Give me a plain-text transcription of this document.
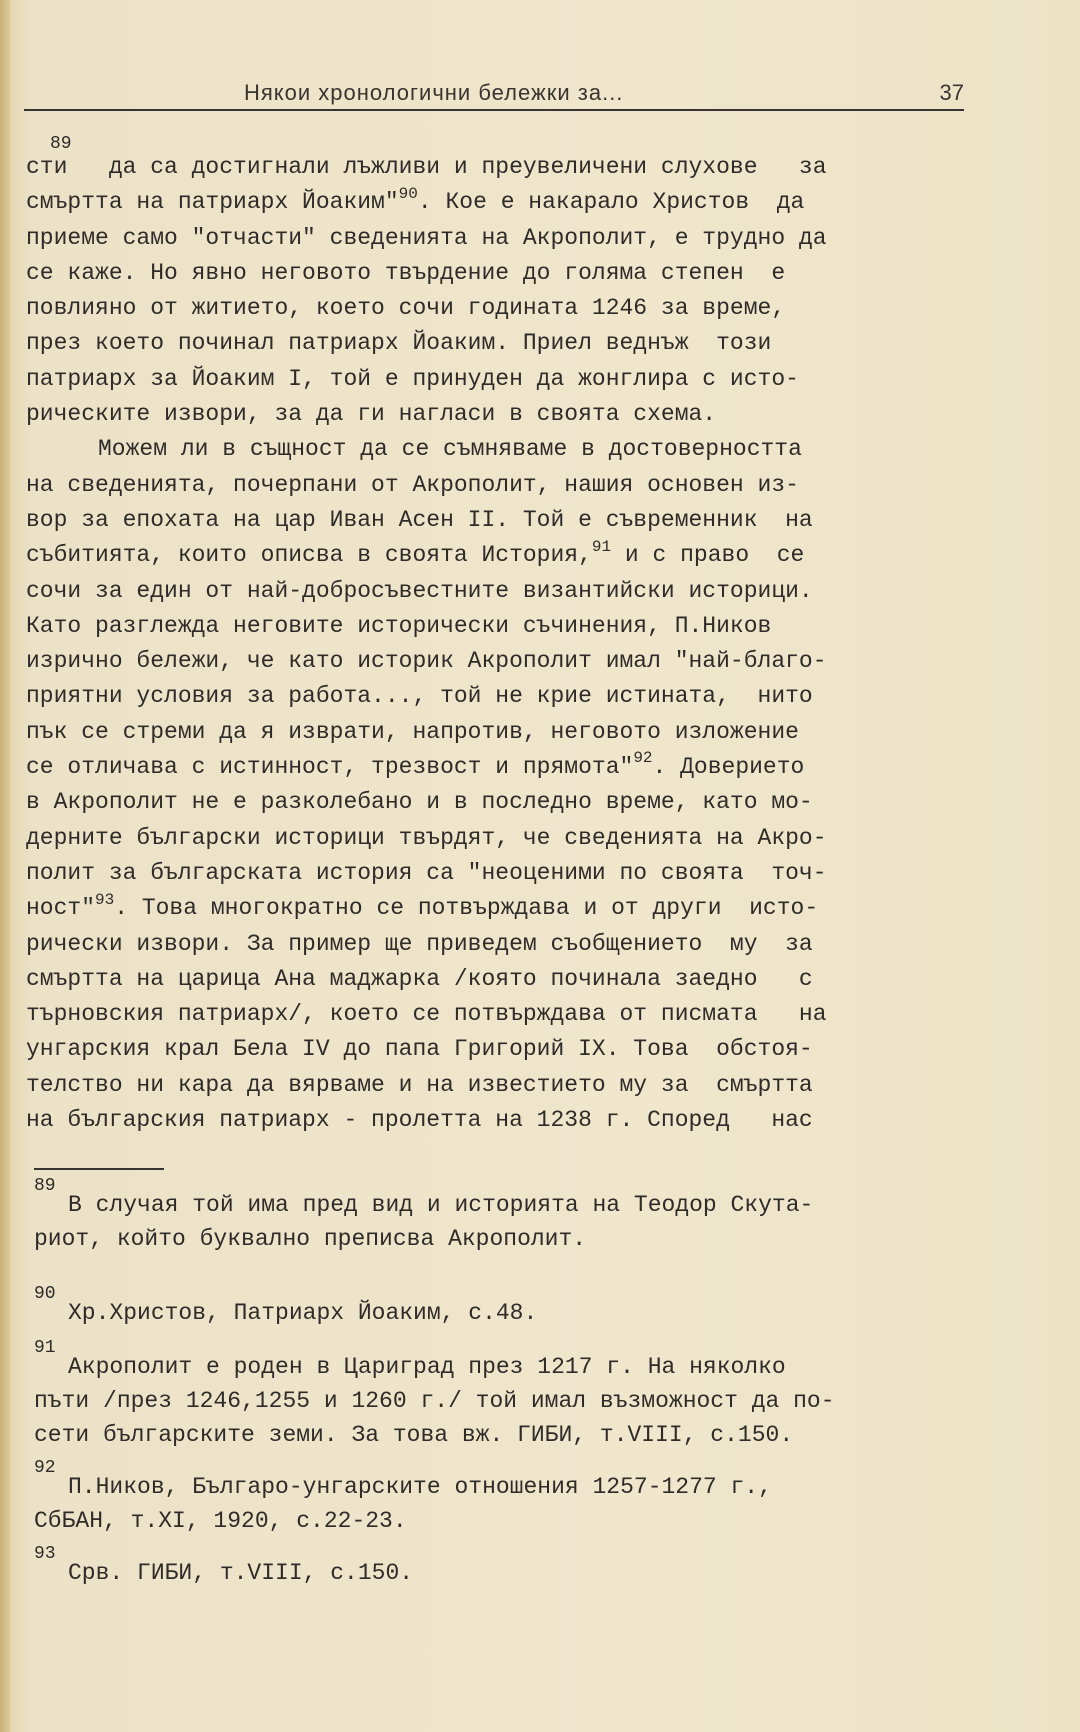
Някои хронологични бележки за...	37
89
сти   да са достигнали лъжливи и преувеличени слухове   за
смъртта на патриарх Йоаким"$^{90}$. Кое е накарало Христов  да
приеме само "отчасти" сведенията на Акрополит, е трудно да
се каже. Но явно неговото твърдение до голяма степен  е
повлияно от житието, което сочи годината 1246 за време,
през което починал патриарх Йоаким. Приел веднъж  този
патриарх за Йоаким I, той е принуден да жонглира с исто-
рическите извори, за да ги нагласи в своята схема.
Можем ли в същност да се съмняваме в достоверността
на сведенията, почерпани от Акрополит, нашия основен из-
вор за епохата на цар Иван Асен II. Той е съвременник  на
събитията, които описва в своята История,$^{91}$ и с право  се
сочи за един от най-добросъвестните византийски историци.
Като разглежда неговите исторически съчинения, П.Ников
изрично бележи, че като историк Акрополит имал "най-благо-
приятни условия за работа..., той не крие истината,  нито
пък се стреми да я изврати, напротив, неговото изложение
се отличава с истинност, трезвост и прямота"$^{92}$. Доверието
в Акрополит не е разколебано и в последно време, като мо-
дерните български историци твърдят, че сведенията на Акро-
полит за българската история са "неоценими по своята  точ-
ност"$^{93}$. Това многократно се потвърждава и от други  исто-
рически извори. За пример ще приведем съобщението  му  за
смъртта на царица Ана маджарка /която починала заедно   с
търновския патриарх/, което се потвърждава от писмата   на
унгарския крал Бела IV до папа Григорий IX. Това  обстоя-
телство ни кара да вярваме и на известието му за  смъртта
на българския патриарх - пролетта на 1238 г. Според   нас
89
В случая той има пред вид и историята на Теодор Скута-
риот, който буквално преписва Акрополит.
90
Хр.Христов, Патриарх Йоаким, с.48.
91
Акрополит е роден в Цариград през 1217 г. На няколко
пъти /през 1246,1255 и 1260 г./ той имал възможност да по-
сети българските земи. За това вж. ГИБИ, т.VIII, с.150.
92
П.Ников, Българо-унгарските отношения 1257-1277 г.,
СбБАН, т.XI, 1920, с.22-23.
93
Срв. ГИБИ, т.VIII, с.150.
